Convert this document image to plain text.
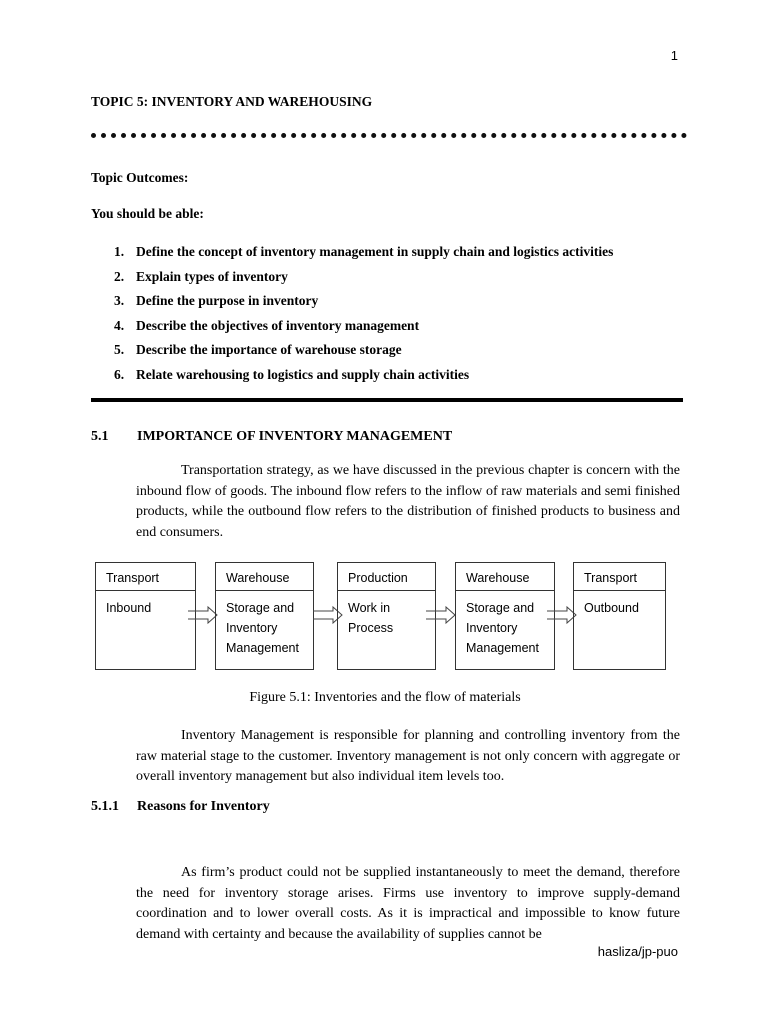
1
TOPIC 5: INVENTORY AND WAREHOUSING
Topic Outcomes:
You should be able:
1. Define the concept of inventory management in supply chain and logistics activities
2. Explain types of inventory
3. Define the purpose in inventory
4. Describe the objectives of inventory management
5. Describe the importance of warehouse storage
6. Relate warehousing to logistics and supply chain activities
5.1 IMPORTANCE OF INVENTORY MANAGEMENT

Transportation strategy, as we have discussed in the previous chapter is concern with the inbound flow of goods. The inbound flow refers to the inflow of raw materials and semi finished products, while the outbound flow refers to the distribution of finished products to business and end consumers.

Transport
Inbound
Warehouse
Storage and Inventory Management
Production
Work in Process
Warehouse
Storage and Inventory Management
Transport
Outbound
Figure 5.1: Inventories and the flow of materials

Inventory Management is responsible for planning and controlling inventory from the raw material stage to the customer. Inventory management is not only concern with aggregate or overall inventory management but also individual item levels too.

5.1.1 Reasons for Inventory

As firm’s product could not be supplied instantaneously to meet the demand, therefore the need for inventory storage arises. Firms use inventory to improve supply-demand coordination and to lower overall costs. As it is impractical and impossible to know future demand with certainty and because the availability of supplies cannot be

hasliza/jp-puo
